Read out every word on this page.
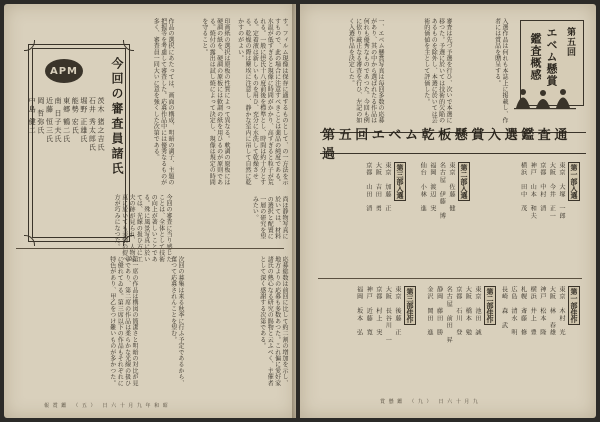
す。フィルム現像は保存に適するものとして、の一方法を示すもので、此の場合に注意すべきことは薬品の純度である。水温が低すぎると現像に時間がかかり、高すぎると粒子が荒れる。一般に摂氏十八度前後を標準とし、時間は約十分とする。定着液は新しいものを用ひ、充分に水洗して乾燥させる。乾燥の際は塵埃に注意し、静かな室内に吊して自然に乾かすのがよい。
印画紙の選択は原板の性質によって異なる。軟調の原板には硬調の紙を、硬調の原板には軟調の紙を用ひるのが原則である。焼付の露出は試し焼によって決定し、現像は規定の時間を守ること。
作品の選択にあたっては、画面の構成、明暗の調子、主題の把握等を考慮して審査した。応募作品中には優秀なるものが多く、審査員一同大いに意を強くした次第である。
APM	今回の審査員諸氏
茨木 猪之吉氏
石井 秀太郎氏
堀野 正雄氏
能勢 宏氏
東郷 鶴二氏
南 日子夫氏
近藤 恒三氏
岡 哲弥氏
中島 健二
今回の審査に当り感じたことは、全体として技術の向上が著しいことである。殊に風景写真に於いては、光線の扱ひ方に工夫の跡が見られ、人物写真に於いても表情の捉へ方が巧みになつた。	尚ほ静物写真に於いては、材料の選択と配置に一層の研究を望みたい。
応募総数は前回に比して約二割の増加を示し、地方よりの応募も多数あつた。これ偏に愛好家諸氏の熱心なる研究の賜物と云ふべく、主催者として深く感謝する次第である。
次回の募集は来る秋季に行ふ予定であるから、奮つて応募されんことを望む。
第一席の作品は構図の簡潔さと明暗の対比が見事であり、第二席の作品は柔らかな光線の扱ひに優れてゐる。第三席以下の作品もそれぞれに特色があり、甲乙をつけ難いものが多かつた。
報 賞 鑑 　（ 五 ）　 日 六 十 月 九 年 和 昭
一、エベム懸賞写真は毎回多数の応募があり、其の中から選ばれたる作品は何れも優秀なものであつた。今回も例に依り厳正なる審査を行ひ、左記の如く入選作品を決定した。	審査は先づ予選を行ひ、次いで本選に移つた。予選に於いては技術的欠陥のあるものを除外し、本選に於いては芸術的価値を主として評価した。	入選作品は何れも本誌上に掲載し、作者には賞品を贈呈する。	第五回
エベム懸賞
鑑査概感
第五回エベム乾板懸賞入選鑑査通過
第一部入選
東京　大塚　一郎
大阪　今井　正一
京都　中村　清
神戸　山本　和夫
横浜　田中　茂
第二部入選
東京　佐藤　健
名古屋　伊藤　博
福岡　渡辺　実
仙台　小林　進
第三部入選
東京　加藤　正
大阪　吉田　勇
京都　山田　清
第一部佳作
東京　木村　光
大阪　林　春雄
神戸　松本　隆
横浜　井上　豊
札幌　斎藤　修
広島　清水　明
長崎　森　武
第二部佳作
東京　池田　誠
大阪　橋本　勉
京都　石川　登
名古屋　前田　昇
静岡　藤田　勝
金沢　岡田　進
第三部佳作
東京　後藤　正
大阪　長谷川　一
京都　村上　実
神戸　近藤　寛
福岡　坂本　弘
賞 懸 鑑 　（ 九 ）　 日 六 十 月 九
